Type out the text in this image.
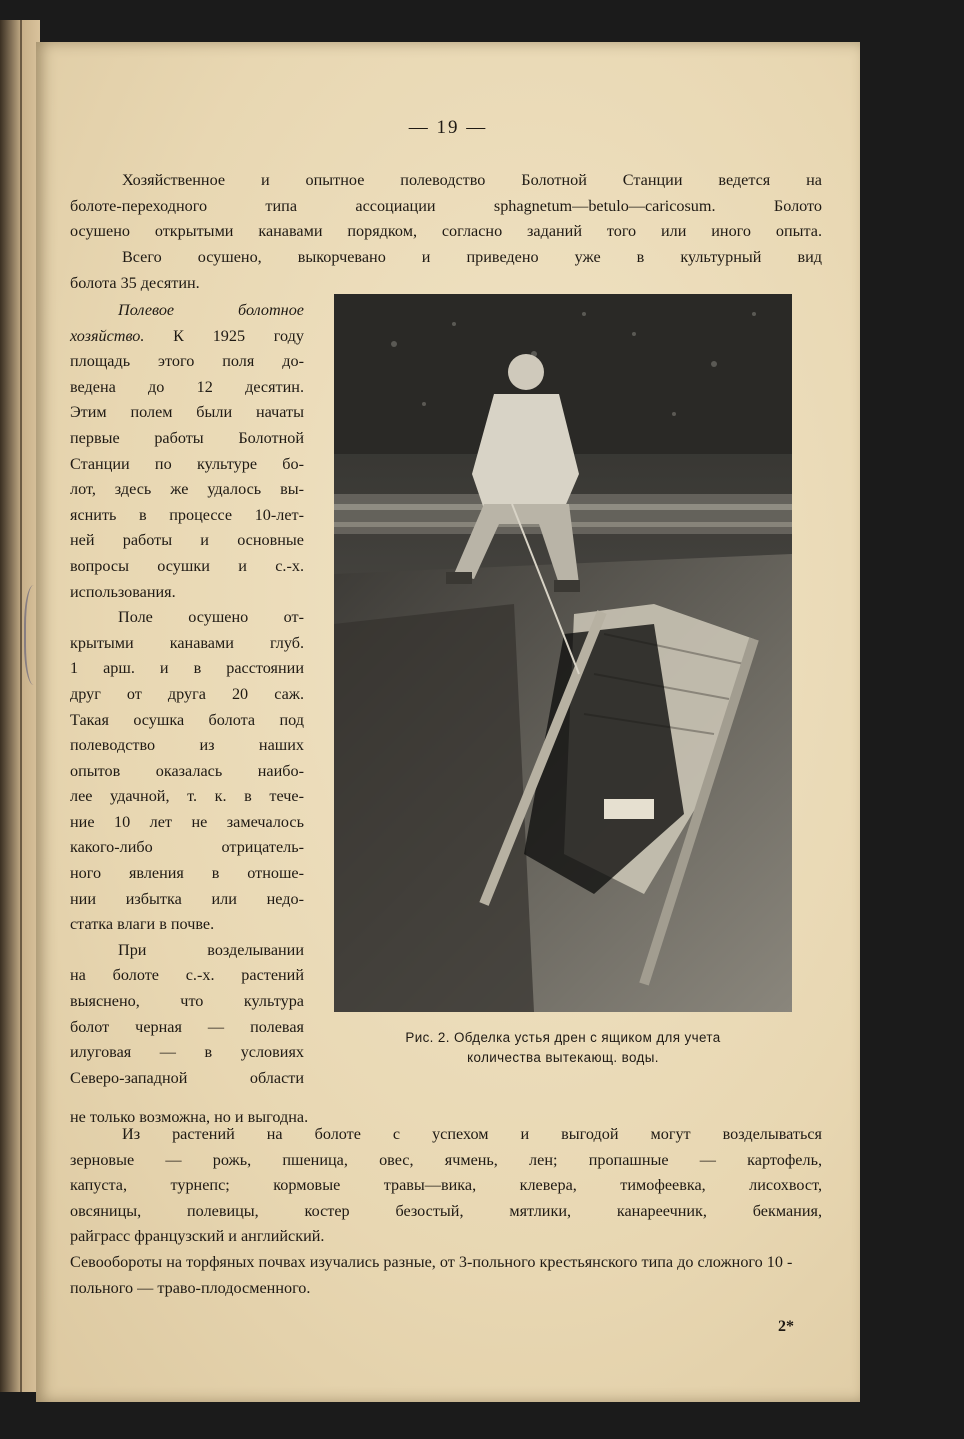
— 19 —
Хозяйственное и опытное полеводство Болотной Станции ведется на
болоте-переходного типа ассоциации sphagnetum—betulo—caricosum. Болото
осушено открытыми канавами порядком, согласно заданий того или иного опыта.
Всего осушено, выкорчевано и приведено уже в культурный вид
болота 35 десятин.
Полевое болотное
хозяйство. К 1925 году
площадь этого поля до-
ведена до 12 десятин.
Этим полем были начаты
первые работы Болотной
Станции по культуре бо-
лот, здесь же удалось вы-
яснить в процессе 10-лет-
ней работы и основные
вопросы осушки и с.-х.
использования.
Поле осушено от-
крытыми канавами глуб.
1 арш. и в расстоянии
друг от друга 20 саж.
Такая осушка болота под
полеводство из наших
опытов оказалась наибо-
лее удачной, т. к. в тече-
ние 10 лет не замечалось
какого-либо отрицатель-
ного явления в отноше-
нии избытка или недо-
статка влаги в почве.
При возделывании
на болоте с.-х. растений
выяснено, что культура
болот черная — полевая
илуговая — в условиях
Северо-западной области
Рис. 2. Обделка устья дрен с ящиком для учета
количества вытекающ. воды.
не только возможна, но и выгодна.
Из растений на болоте с успехом и выгодой могут возделываться
зерновые — рожь, пшеница, овес, ячмень, лен; пропашные — картофель,
капуста, турнепс; кормовые травы—вика, клевера, тимофеевка, лисохвост,
овсяницы, полевицы, костер безостый, мятлики, канареечник, бекмания,
райграсс французский и английский.
Севообороты на торфяных почвах изучались разные, от 3-польного крестьянского типа до сложного 10 - польного — траво-плодосменного.
2*
